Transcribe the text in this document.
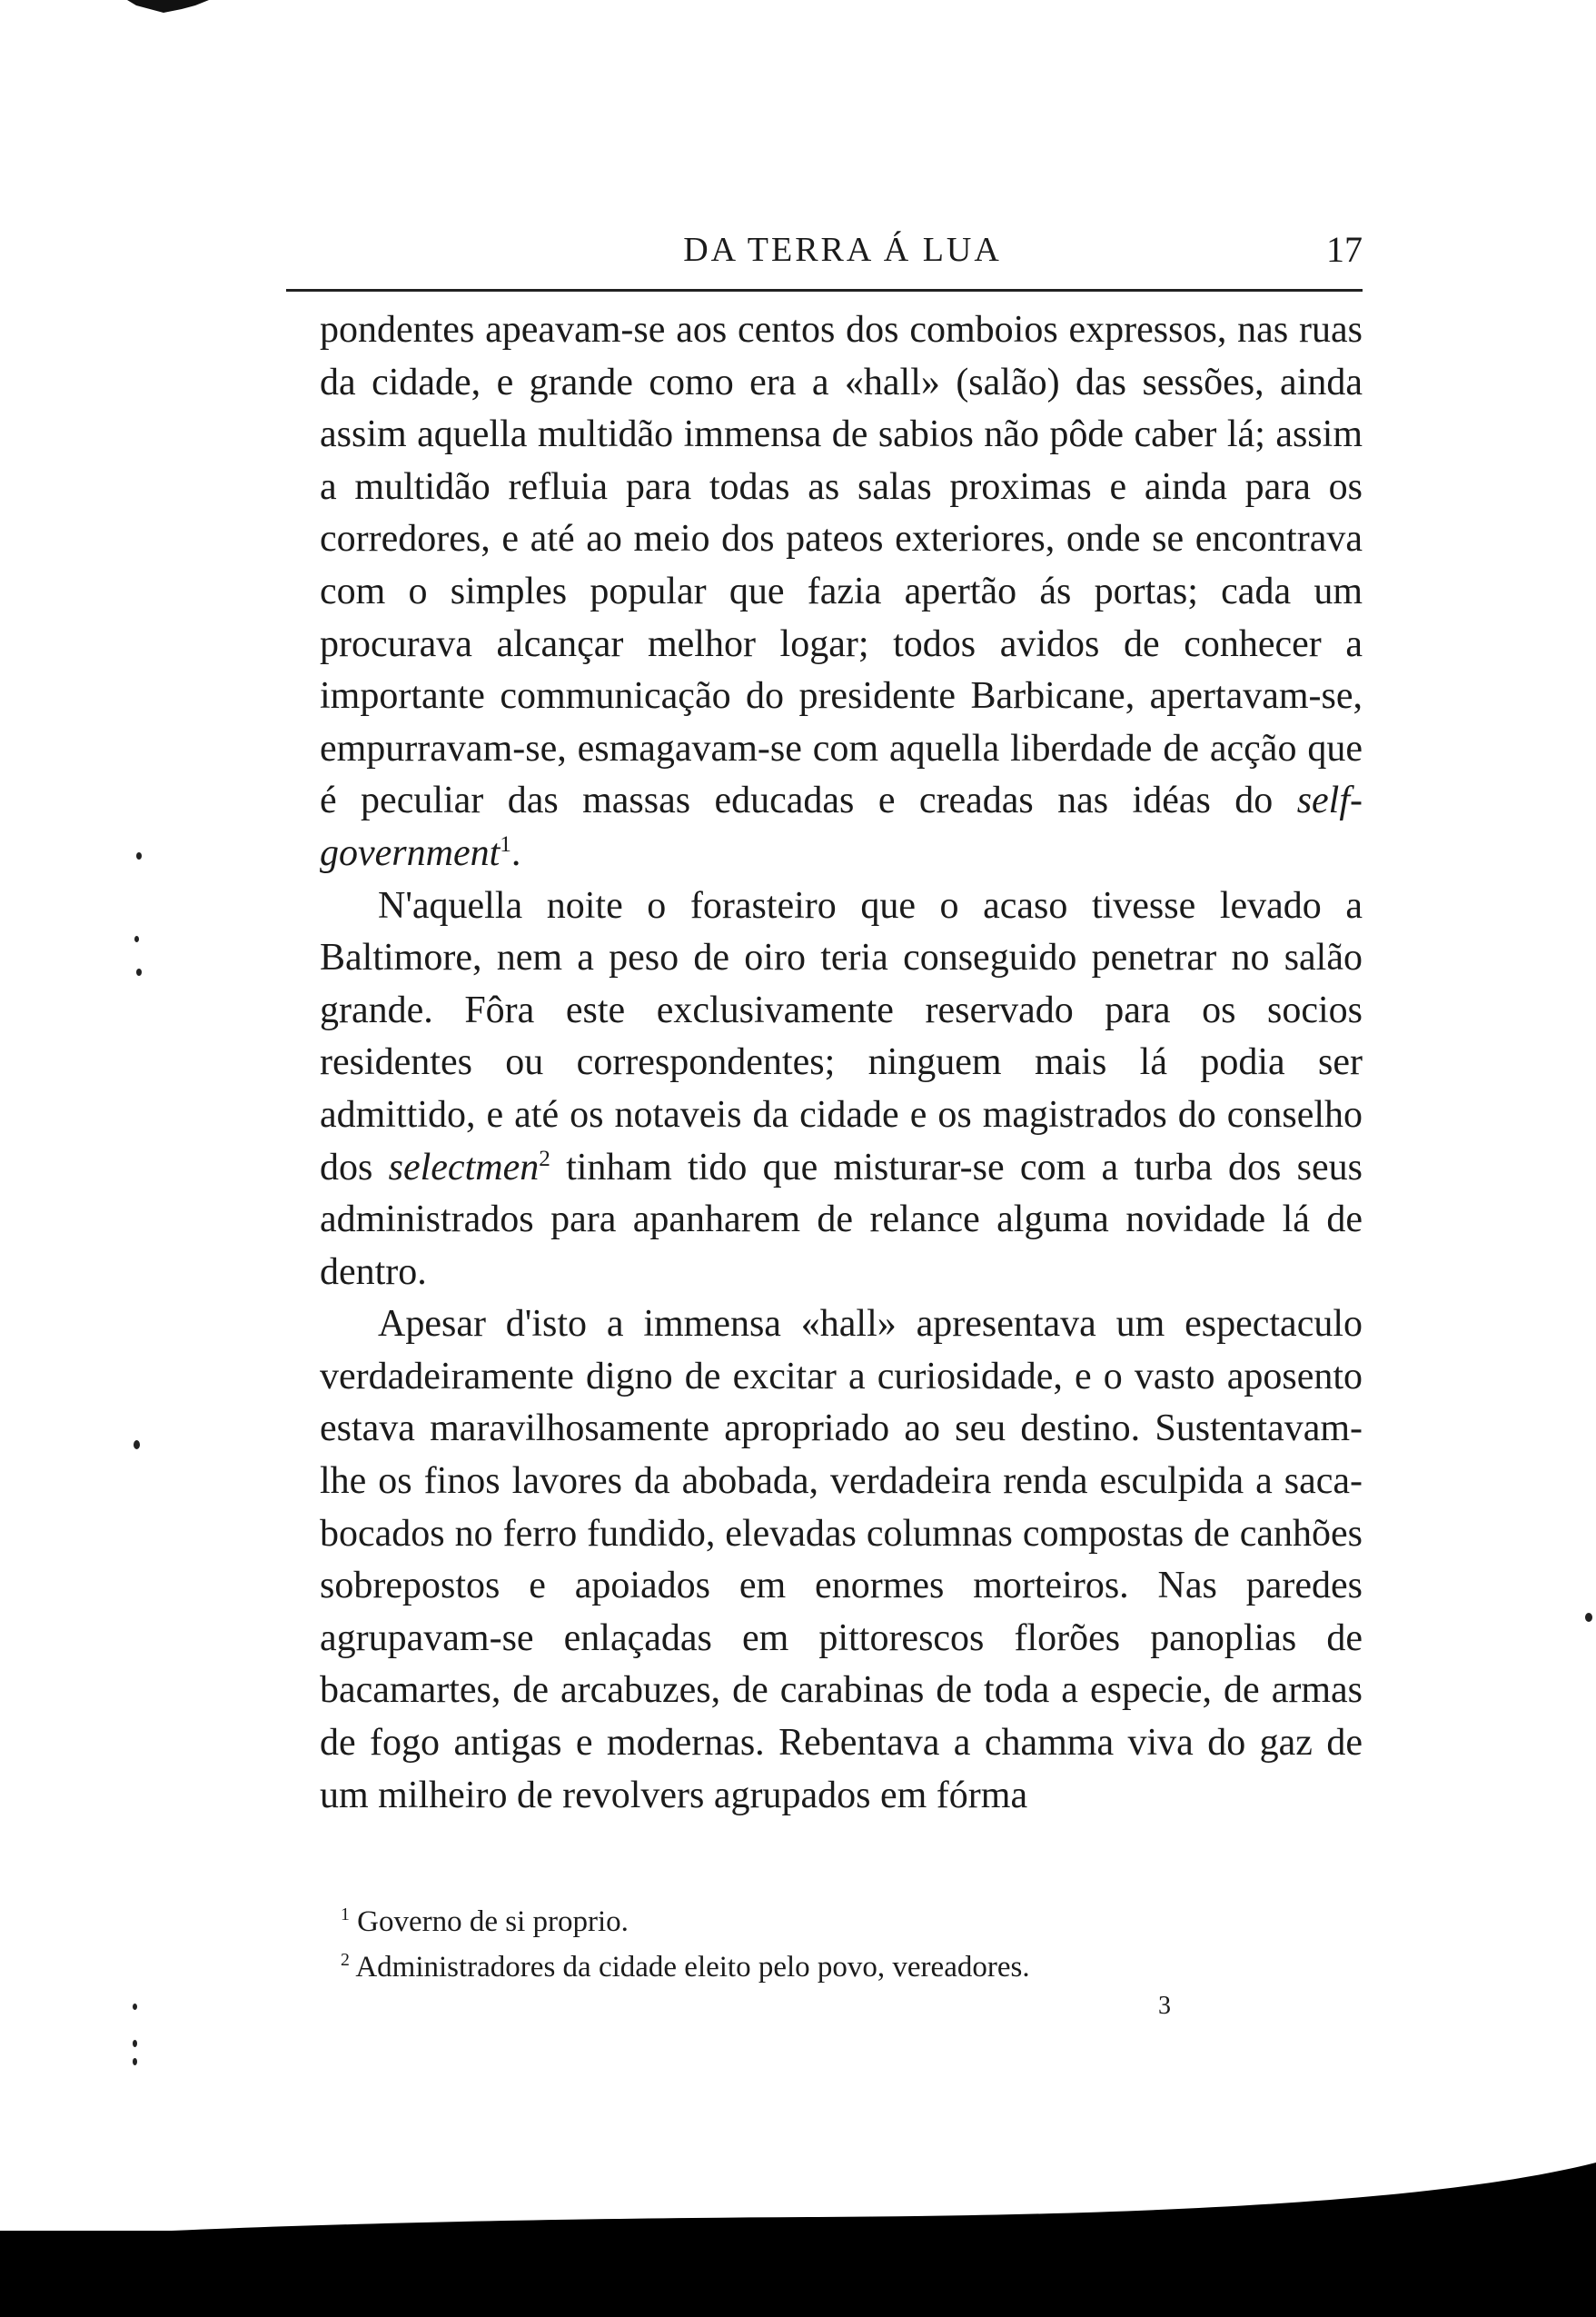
DA TERRA Á LUA	17

pondentes apeavam-se aos centos dos comboios expressos, nas ruas da cidade, e grande como era a «hall» (salão) das sessões, ainda assim aquella multidão immensa de sabios não pôde caber lá; assim a multidão refluia para todas as salas proximas e ainda para os corredores, e até ao meio dos pateos exteriores, onde se encontrava com o simples popular que fazia apertão ás portas; cada um procurava alcançar melhor logar; todos avidos de conhecer a importante communicação do presidente Barbicane, apertavam-se, empurravam-se, esmagavam-se com aquella liberdade de acção que é peculiar das massas educadas e creadas nas idéas do self-government$^1$.

N'aquella noite o forasteiro que o acaso tivesse levado a Baltimore, nem a peso de oiro teria conseguido penetrar no salão grande. Fôra este exclusivamente reservado para os socios residentes ou correspondentes; ninguem mais lá podia ser admittido, e até os notaveis da cidade e os magistrados do conselho dos selectmen$^2$ tinham tido que misturar-se com a turba dos seus administrados para apanharem de relance alguma novidade lá de dentro.

Apesar d'isto a immensa «hall» apresentava um espectaculo verdadeiramente digno de excitar a curiosidade, e o vasto aposento estava maravilhosamente apropriado ao seu destino. Sustentavam-lhe os finos lavores da abobada, verdadeira renda esculpida a saca-bocados no ferro fundido, elevadas columnas compostas de canhões sobrepostos e apoiados em enormes morteiros. Nas paredes agrupavam-se enlaçadas em pittorescos florões panoplias de bacamartes, de arcabuzes, de carabinas de toda a especie, de armas de fogo antigas e modernas. Rebentava a chamma viva do gaz de um milheiro de revolvers agrupados em fórma

$^1$ Governo de si proprio.

$^2$ Administradores da cidade eleito pelo povo, vereadores.

3
